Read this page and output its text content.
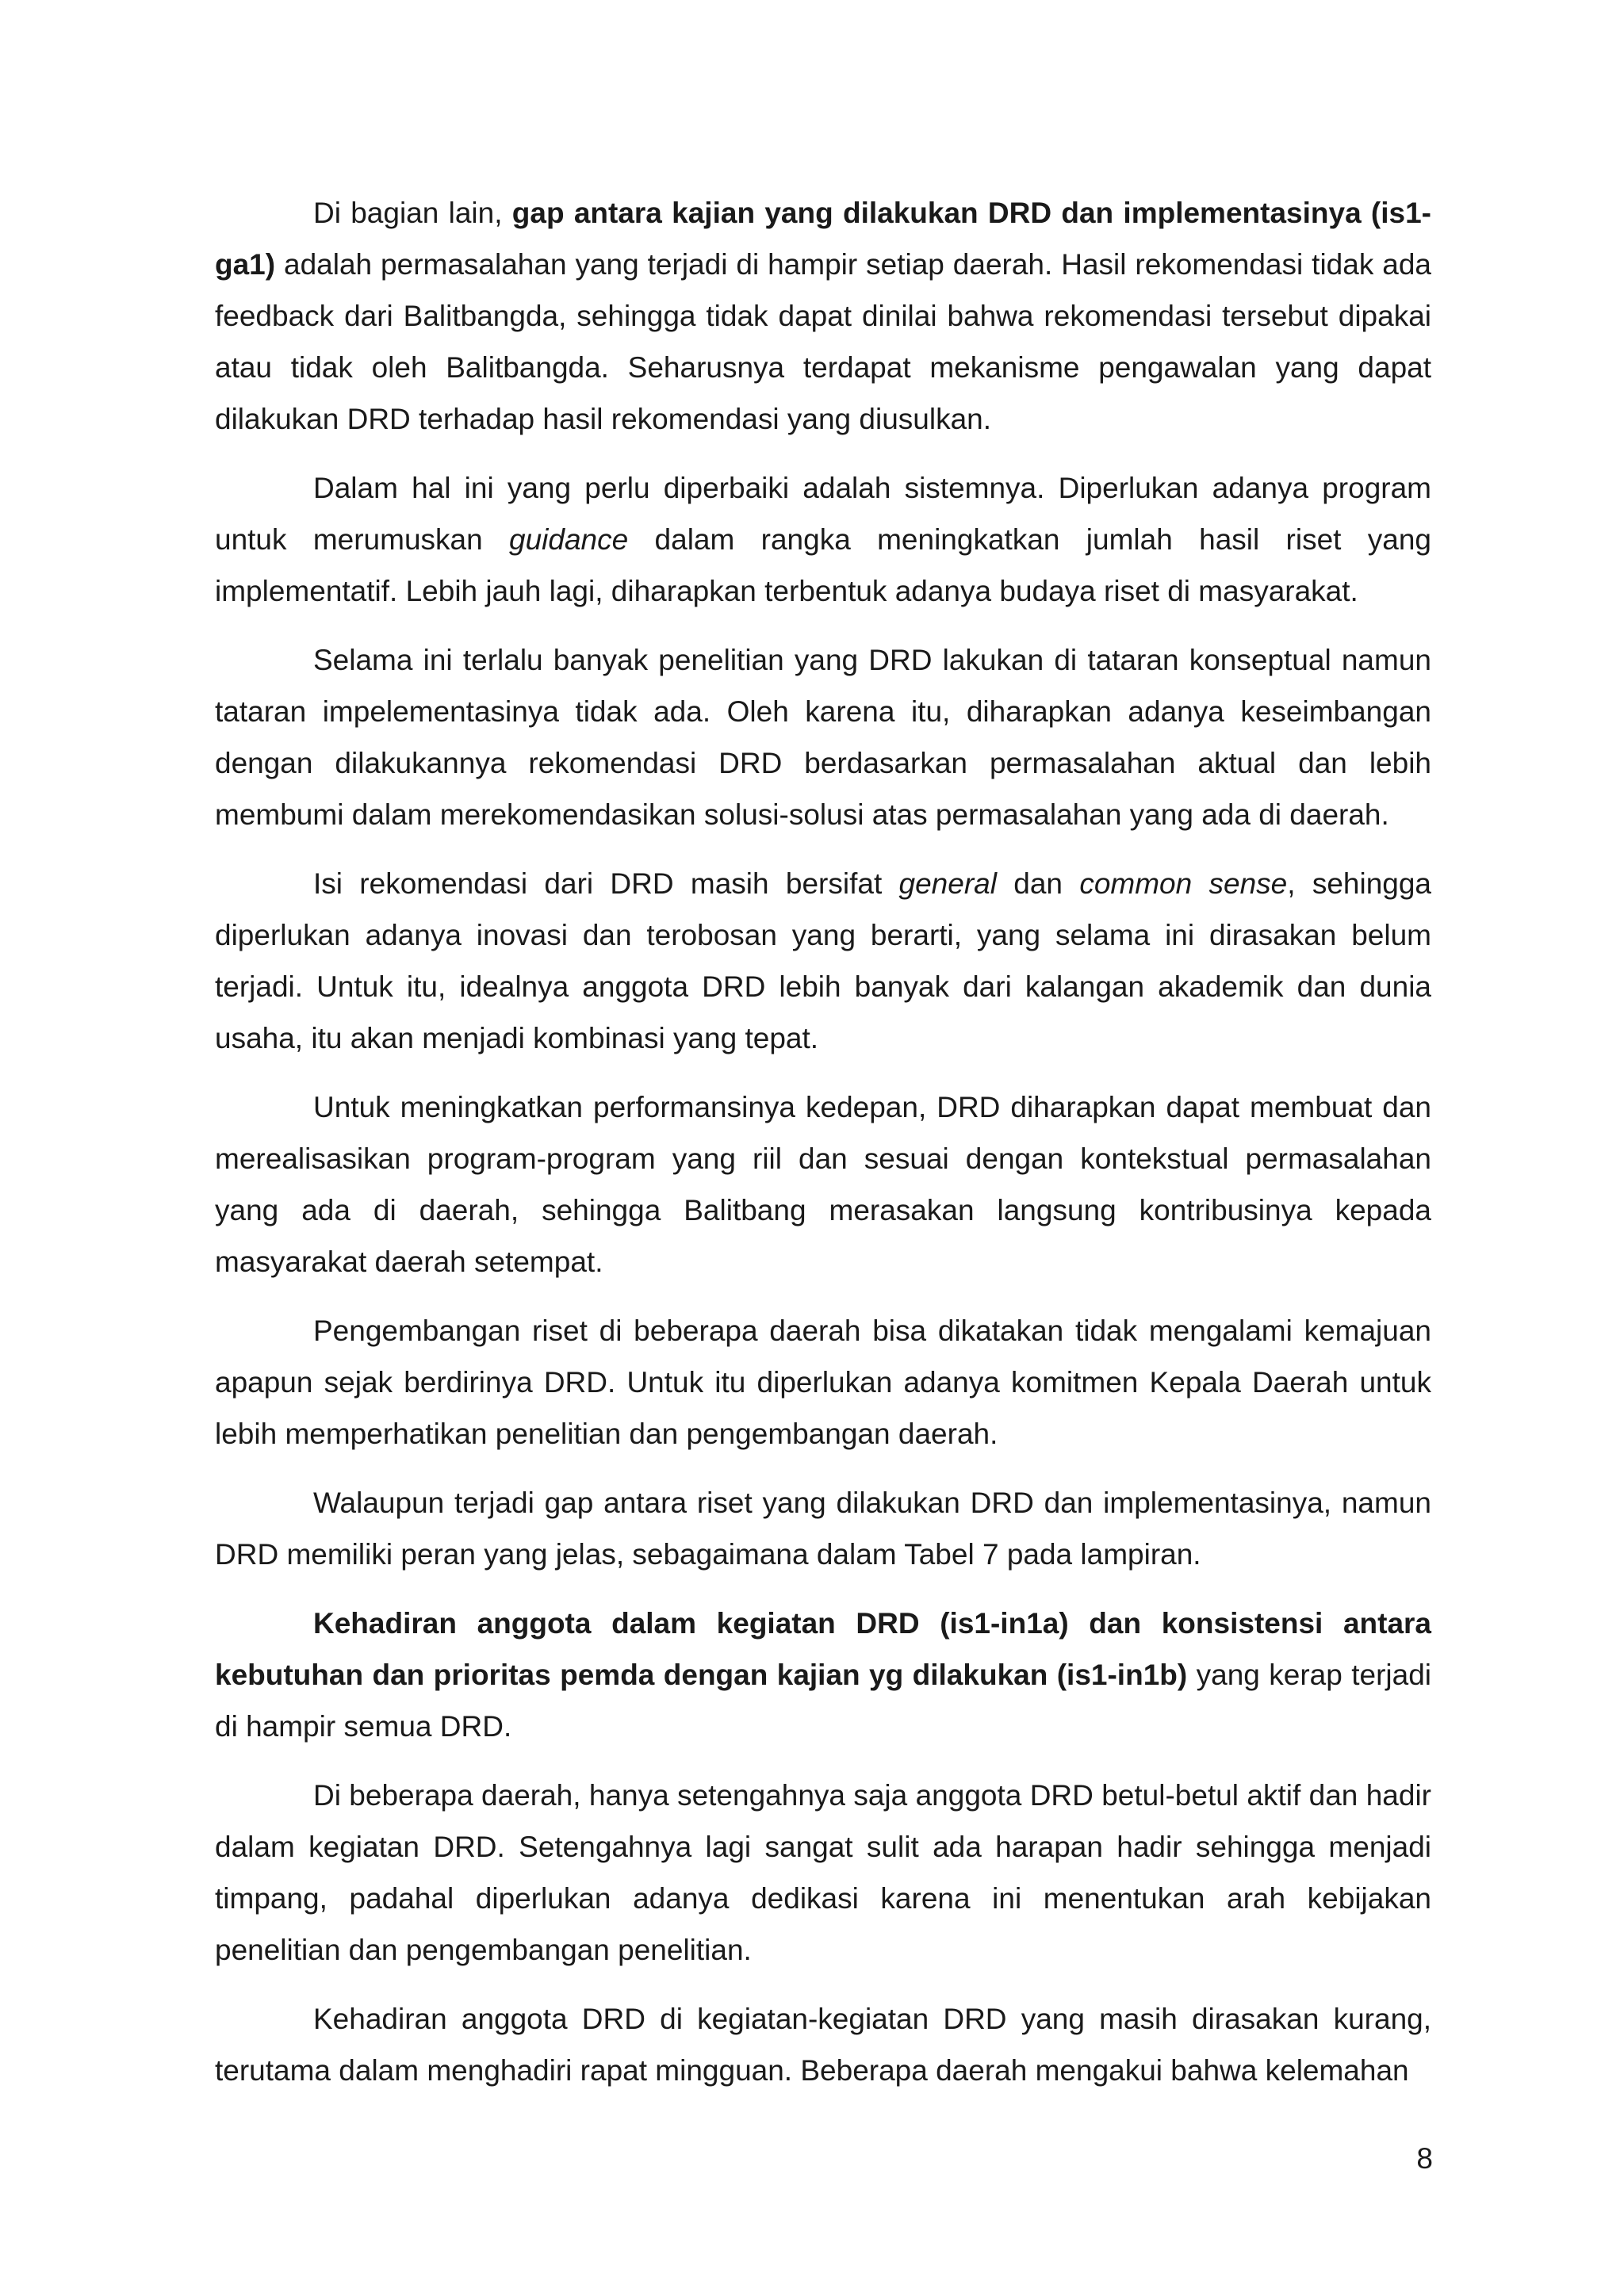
Di bagian lain, gap antara kajian yang dilakukan DRD dan implementasinya (is1-ga1) adalah permasalahan yang terjadi di hampir setiap daerah. Hasil rekomendasi tidak ada feedback dari Balitbangda, sehingga tidak dapat dinilai bahwa rekomendasi tersebut dipakai atau tidak oleh Balitbangda. Seharusnya terdapat mekanisme pengawalan yang dapat dilakukan DRD terhadap hasil rekomendasi yang diusulkan.

Dalam hal ini yang perlu diperbaiki adalah sistemnya. Diperlukan adanya program untuk merumuskan guidance dalam rangka meningkatkan jumlah hasil riset yang implementatif. Lebih jauh lagi, diharapkan terbentuk adanya budaya riset di masyarakat.

Selama ini terlalu banyak penelitian yang DRD lakukan di tataran konseptual namun tataran impelementasinya tidak ada. Oleh karena itu, diharapkan adanya keseimbangan dengan dilakukannya rekomendasi DRD berdasarkan permasalahan aktual dan lebih membumi dalam merekomendasikan solusi-solusi atas permasalahan yang ada di daerah.

Isi rekomendasi dari DRD masih bersifat general dan common sense, sehingga diperlukan adanya inovasi dan terobosan yang berarti, yang selama ini dirasakan belum terjadi. Untuk itu, idealnya anggota DRD lebih banyak dari kalangan akademik dan dunia usaha, itu akan menjadi kombinasi yang tepat.

Untuk meningkatkan performansinya kedepan, DRD diharapkan dapat membuat dan merealisasikan program-program yang riil dan sesuai dengan kontekstual permasalahan yang ada di daerah, sehingga Balitbang merasakan langsung kontribusinya kepada masyarakat daerah setempat.

Pengembangan riset di beberapa daerah bisa dikatakan tidak mengalami kemajuan apapun sejak berdirinya DRD. Untuk itu diperlukan adanya komitmen Kepala Daerah untuk lebih memperhatikan penelitian dan pengembangan daerah.

Walaupun terjadi gap antara riset yang dilakukan DRD dan implementasinya, namun DRD memiliki peran yang jelas, sebagaimana dalam Tabel 7 pada lampiran.

Kehadiran anggota dalam kegiatan DRD (is1-in1a) dan konsistensi antara kebutuhan dan prioritas pemda dengan kajian yg dilakukan (is1-in1b) yang kerap terjadi di hampir semua DRD.

Di beberapa daerah, hanya setengahnya saja anggota DRD betul-betul aktif dan hadir dalam kegiatan DRD. Setengahnya lagi sangat sulit ada harapan hadir sehingga menjadi timpang, padahal diperlukan adanya dedikasi karena ini menentukan arah kebijakan penelitian dan pengembangan penelitian.

Kehadiran anggota DRD di kegiatan-kegiatan DRD yang masih dirasakan kurang, terutama dalam menghadiri rapat mingguan. Beberapa daerah mengakui bahwa kelemahan

8
